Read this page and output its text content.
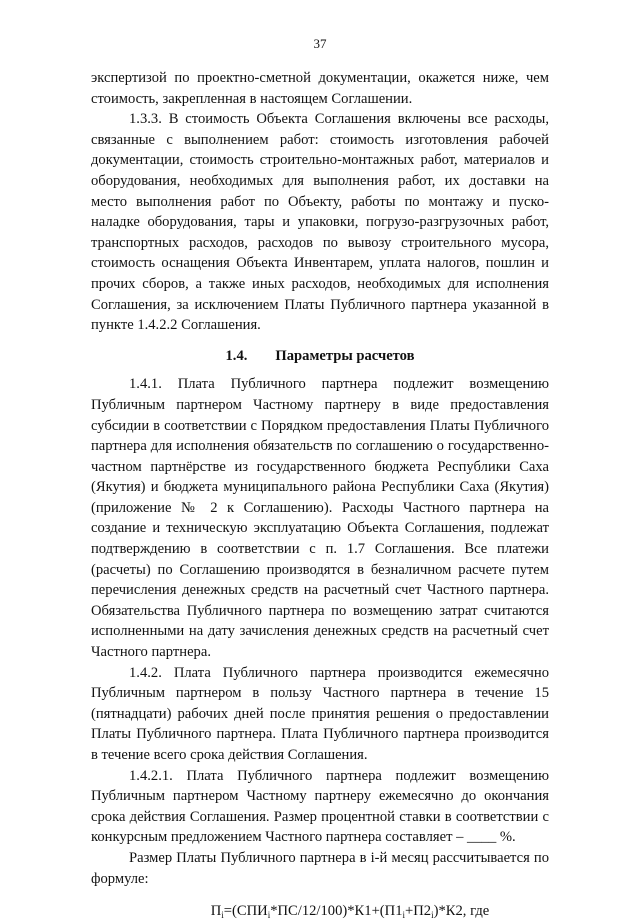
37

экспертизой по проектно-сметной документации, окажется ниже, чем стоимость, закрепленная в настоящем Соглашении.

1.3.3. В стоимость Объекта Соглашения включены все расходы, связанные с выполнением работ: стоимость изготовления рабочей документации, стоимость строительно-монтажных работ, материалов и оборудования, необходимых для выполнения работ, их доставки на место выполнения работ по Объекту, работы по монтажу и пуско-наладке оборудования, тары и упаковки, погрузо-разгрузочных работ, транспортных расходов, расходов по вывозу строительного мусора, стоимость оснащения Объекта Инвентарем, уплата налогов, пошлин и прочих сборов, а также иных расходов, необходимых для исполнения Соглашения, за исключением Платы Публичного партнера указанной в пункте 1.4.2.2 Соглашения.

1.4. Параметры расчетов

1.4.1. Плата Публичного партнера подлежит возмещению Публичным партнером Частному партнеру в виде предоставления субсидии в соответствии с Порядком предоставления Платы Публичного партнера для исполнения обязательств по соглашению о государственно-частном партнёрстве из государственного бюджета Республики Саха (Якутия) и бюджета муниципального района Республики Саха (Якутия) (приложение № 2 к Соглашению). Расходы Частного партнера на создание и техническую эксплуатацию Объекта Соглашения, подлежат подтверждению в соответствии с п. 1.7 Соглашения. Все платежи (расчеты) по Соглашению производятся в безналичном расчете путем перечисления денежных средств на расчетный счет Частного партнера. Обязательства Публичного партнера по возмещению затрат считаются исполненными на дату зачисления денежных средств на расчетный счет Частного партнера.

1.4.2. Плата Публичного партнера производится ежемесячно Публичным партнером в пользу Частного партнера в течение 15 (пятнадцати) рабочих дней после принятия решения о предоставлении Платы Публичного партнера. Плата Публичного партнера производится в течение всего срока действия Соглашения.

1.4.2.1. Плата Публичного партнера подлежит возмещению Публичным партнером Частному партнеру ежемесячно до окончания срока действия Соглашения. Размер процентной ставки в соответствии с конкурсным предложением Частного партнера составляет – ____ %.

Размер Платы Публичного партнера в i-й месяц рассчитывается по формуле:

$П_i=(СПИ_i*ПС/12/100)*К1+(П1_i+П2_i)*К2$, где
